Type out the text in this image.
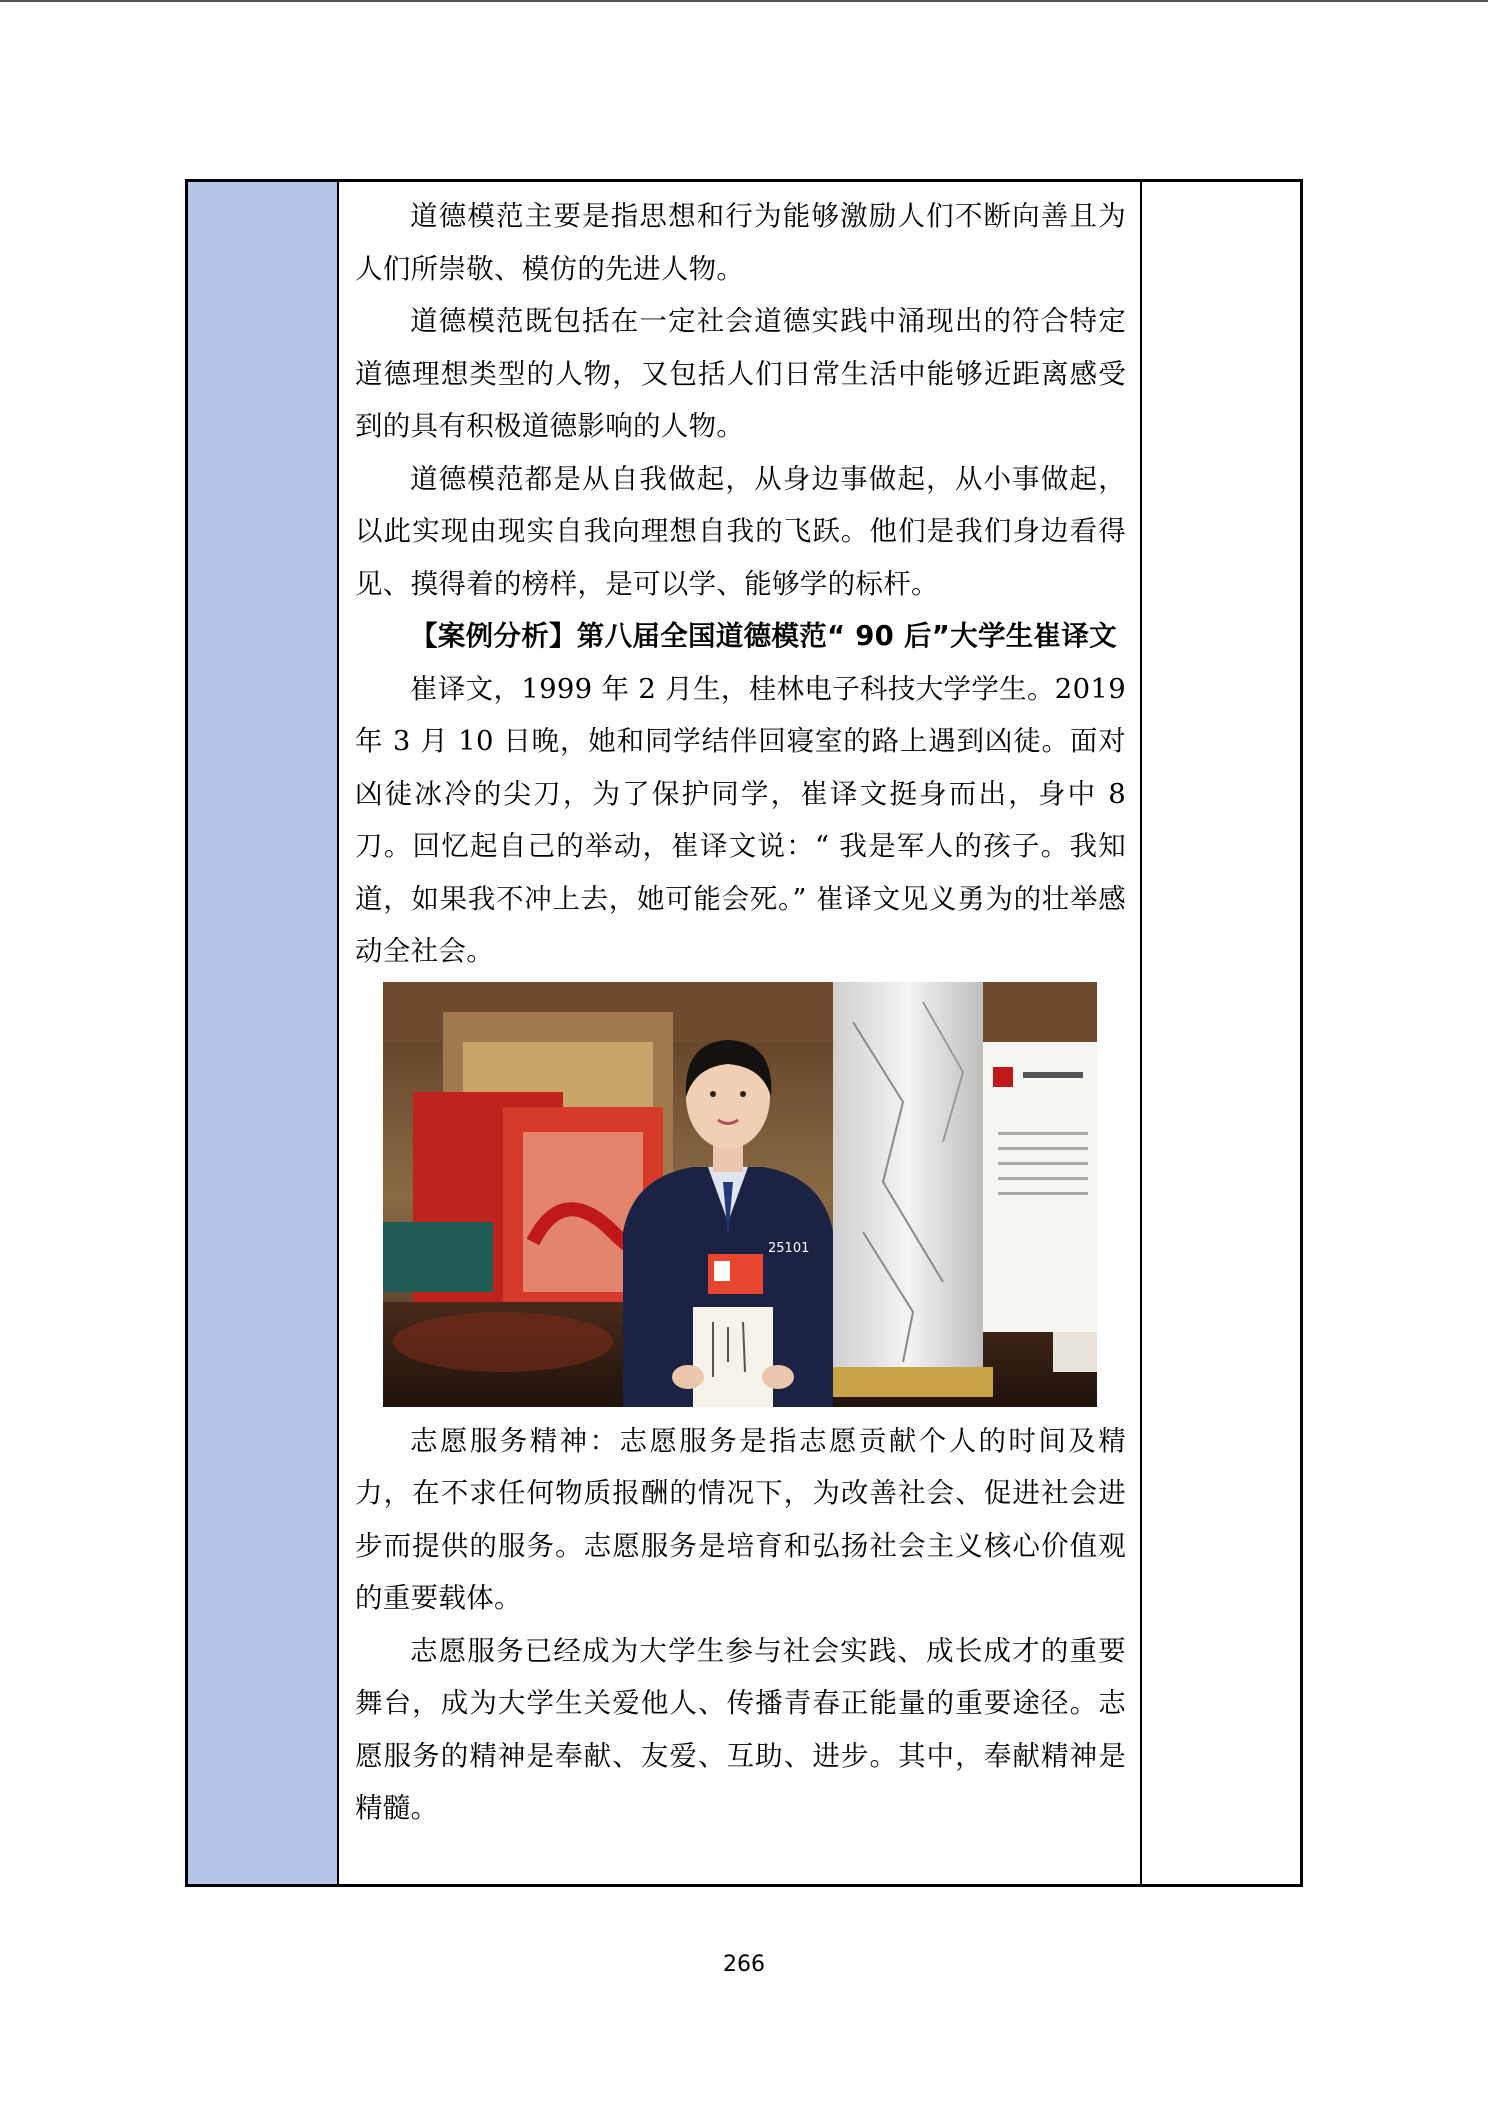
道德模范主要是指思想和行为能够激励人们不断向善且为人们所崇敬、模仿的先进人物。

道德模范既包括在一定社会道德实践中涌现出的符合特定道德理想类型的人物，又包括人们日常生活中能够近距离感受到的具有积极道德影响的人物。

道德模范都是从自我做起，从身边事做起，从小事做起，以此实现由现实自我向理想自我的飞跃。他们是我们身边看得见、摸得着的榜样，是可以学、能够学的标杆。

【案例分析】第八届全国道德模范“ 90 后”大学生崔译文

崔译文，1999 年 2 月生，桂林电子科技大学学生。2019 年 3 月 10 日晚，她和同学结伴回寝室的路上遇到凶徒。面对凶徒冰冷的尖刀，为了保护同学，崔译文挺身而出，身中 8 刀。回忆起自己的举动，崔译文说：“ 我是军人的孩子。我知道，如果我不冲上去，她可能会死。” 崔译文见义勇为的壮举感动全社会。

25101

志愿服务精神：志愿服务是指志愿贡献个人的时间及精力，在不求任何物质报酬的情况下，为改善社会、促进社会进步而提供的服务。志愿服务是培育和弘扬社会主义核心价值观的重要载体。

志愿服务已经成为大学生参与社会实践、成长成才的重要舞台，成为大学生关爱他人、传播青春正能量的重要途径。志愿服务的精神是奉献、友爱、互助、进步。其中，奉献精神是精髓。

266
